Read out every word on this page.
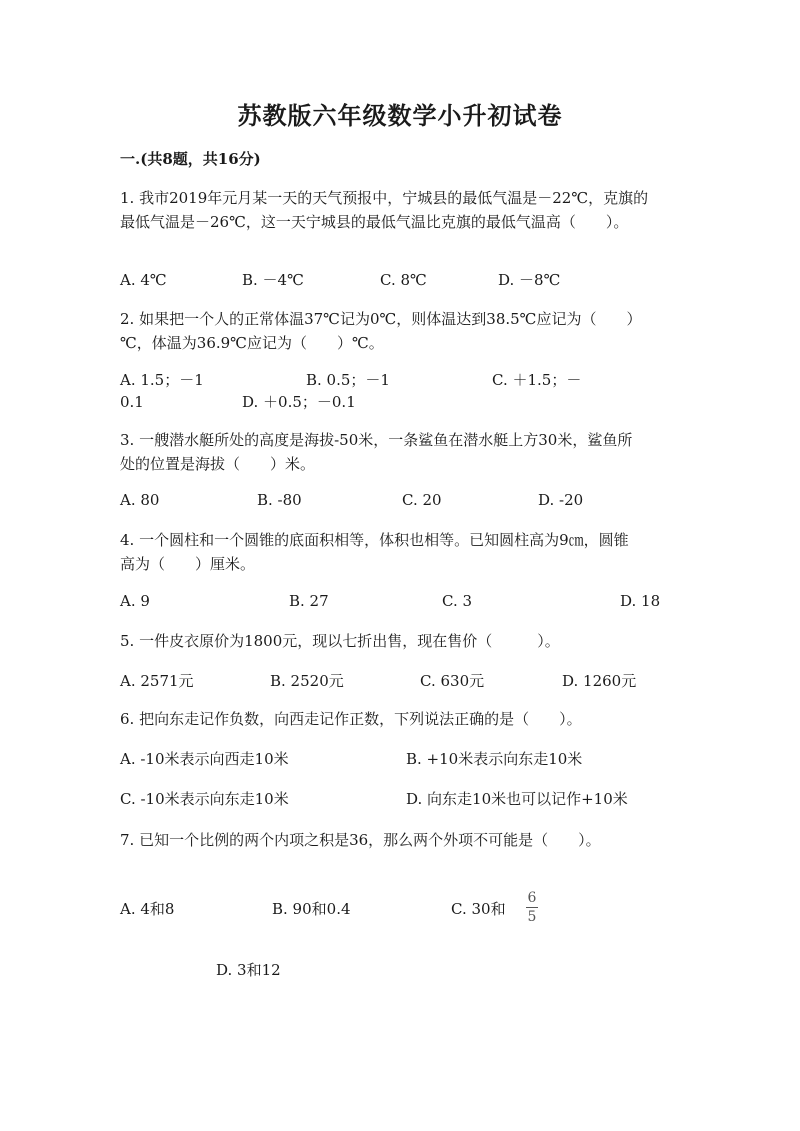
苏教版六年级数学小升初试卷
一.(共8题，共16分)
1. 我市2019年元月某一天的天气预报中，宁城县的最低气温是－22℃，克旗的
最低气温是－26℃，这一天宁城县的最低气温比克旗的最低气温高（　　）。
A. 4℃	B. －4℃	C. 8℃	D. －8℃
2. 如果把一个人的正常体温37℃记为0℃，则体温达到38.5℃应记为（　　）
℃，体温为36.9℃应记为（　　）℃。
A. 1.5；－1	B. 0.5；－1	C. ＋1.5；－
0.1	D. ＋0.5；－0.1
3. 一艘潜水艇所处的高度是海拔-50米，一条鲨鱼在潜水艇上方30米，鲨鱼所
处的位置是海拔（　　）米。
A. 80	B. -80	C. 20	D. -20
4. 一个圆柱和一个圆锥的底面积相等，体积也相等。已知圆柱高为9㎝，圆锥
高为（　　）厘米。
A. 9	B. 27	C. 3	D. 18
5. 一件皮衣原价为1800元，现以七折出售，现在售价（　　　）。
A. 2571元	B. 2520元	C. 630元	D. 1260元
6. 把向东走记作负数，向西走记作正数，下列说法正确的是（　　）。
A. -10米表示向西走10米	B. +10米表示向东走10米
C. -10米表示向东走10米	D. 向东走10米也可以记作+10米
7. 已知一个比例的两个内项之积是36，那么两个外项不可能是（　　）。
A. 4和8	B. 90和0.4	C. 30和
6
5
D. 3和12
